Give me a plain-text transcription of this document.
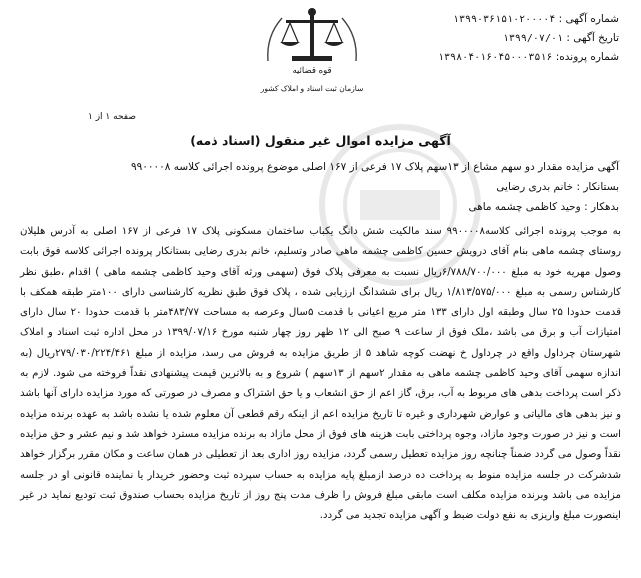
شماره آگهی : ۱۳۹۹۰۳۶۱۵۱۰۲۰۰۰۰۴
تاریخ آگهی : ۱۳۹۹/۰۷/۰۱
شماره پرونده: ۱۳۹۸۰۴۰۱۶۰۴۵۰۰۰۳۵۱۶
قوه قضائیه
سازمان ثبت اسناد و املاک کشور
صفحه ۱ از ۱
آگهی مزایده اموال غیر منقول (اسناد ذمه)
آگهی مزایده مقدار دو سهم مشاع از ۱۳سهم پلاک ۱۷ فرعی از ۱۶۷ اصلی موضوع پرونده اجرائی کلاسه ۹۹۰۰۰۰۸
بستانکار : خانم بدری رضایی
بدهکار : وحید کاظمی چشمه ماهی
به موجب پرونده اجرائی کلاسه۹۹۰۰۰۰۸ سند مالکیت شش دانگ یکباب ساختمان مسکونی پلاک ۱۷ فرعی از ۱۶۷ اصلی به آدرس هلیلان روستای چشمه ماهی بنام آقای درویش حسین کاظمی چشمه ماهی صادر وتسلیم، خانم بدری رضایی بستانکار پرونده اجرائی کلاسه فوق بابت وصول مهریه خود به مبلغ ۶/۷۸۸/۷۰۰/۰۰۰ریال نسبت به معرفی پلاک فوق (سهمی ورثه آقای وحید کاظمی چشمه ماهی ) اقدام ،طبق نظر کارشناس رسمی به مبلغ ۱/۸۱۳/۵۷۵/۰۰۰ ریال برای ششدانگ ارزیابی شده ، پلاک فوق طبق نظریه کارشناسی دارای ۱۰۰متر طبقه همکف با قدمت حدودا ۲۵ سال وطبقه اول دارای ۱۳۳ متر مربع اعیانی با قدمت ۵سال وعرصه به مساحت ۴۸۳/۷۷متر با قدمت حدودا ۲۰ سال دارای امتیازات آب و برق می باشد ،ملک فوق از ساعت ۹ صبح الی ۱۲ ظهر روز چهار شنبه مورخ ۱۳۹۹/۰۷/۱۶ در محل اداره ثبت اسناد و املاک شهرستان چرداول واقع در چرداول خ نهضت کوچه شاهد ۵ از طریق مزایده به فروش می رسد، مزایده از مبلغ ۲۷۹/۰۳۰/۲۲۴/۴۶۱ریال (به اندازه سهمی آقای وحید کاظمی چشمه ماهی به مقدار ۲سهم از ۱۳سهم ) شروع و به بالاترین قیمت پیشنهادی نقداً فروخته می شود. لازم به ذکر است پرداخت بدهی های مربوط به آب، برق، گاز اعم از حق انشعاب و یا حق اشتراک و مصرف در صورتی که مورد مزایده دارای آنها باشد و نیز بدهی های مالیاتی و عوارض شهرداری و غیره تا تاریخ مزایده اعم از اینکه رقم قطعی آن معلوم شده یا نشده باشد به عهده برنده مزایده است و نیز در صورت وجود مازاد، وجوه پرداختی بابت هزینه های فوق از محل مازاد به برنده مزایده مسترد خواهد شد و نیم عشر و حق مزایده نقداً وصول می گردد ضمناً چنانچه روز مزایده تعطیل رسمی گردد، مزایده روز اداری بعد از تعطیلی در همان ساعت و مکان مقرر برگزار خواهد شدشرکت در جلسه مزایده منوط به پرداخت ده درصد ازمبلغ پایه مزایده به حساب سپرده ثبت وحضور خریدار یا نماینده قانونی او در جلسه مزایده می باشد وبرنده مزایده مکلف است مابقی مبلغ فروش را ظرف مدت پنج روز از تاریخ مزایده بحساب صندوق ثبت تودیع نماید در غیر اینصورت مبلغ واریزی به نفع دولت ضبط و آگهی مزایده تجدید می گردد.
